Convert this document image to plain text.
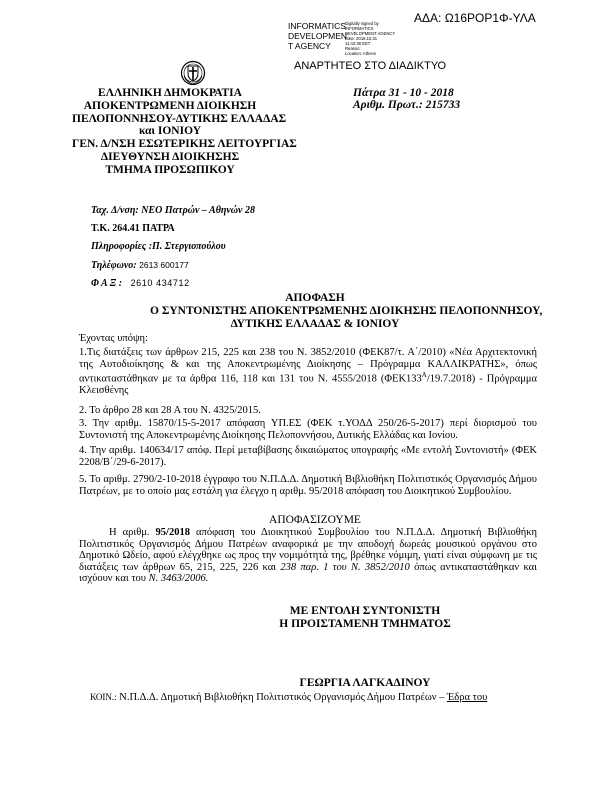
ΑΔΑ: Ω16ΡΟΡ1Φ-ΥΛΑ
INFORMATICS
DEVELOPMEN
T AGENCY
Digitally signed by
INFORMATICS
DEVELOPMENT AGENCY
Date: 2018.10.31
11:42:38 EET
Reason:
Location: Athens
ΑΝΑΡΤΗΤΕΟ ΣΤΟ ΔΙΑΔΙΚΤΥΟ
ΕΛΛΗΝΙΚΗ ΔΗΜΟΚΡΑΤΙΑ
ΑΠΟΚΕΝΤΡΩΜΕΝΗ ΔΙΟΙΚΗΣΗ
ΠΕΛΟΠΟΝΝΗΣΟΥ-ΔΥΤΙΚΗΣ ΕΛΛΑΔΑΣ
και ΙΟΝΙΟΥ
ΓΕΝ. Δ/ΝΣΗ ΕΣΩΤΕΡΙΚΗΣ ΛΕΙΤΟΥΡΓΙΑΣ
ΔΙΕΥΘΥΝΣΗ ΔΙΟΙΚΗΣΗΣ
ΤΜΗΜΑ ΠΡΟΣΩΠΙΚΟΥ
Πάτρα 31 - 10 - 2018
Αριθμ. Πρωτ.: 215733
Ταχ. Δ/νση: ΝΕΟ Πατρών – Αθηνών 28
Τ.Κ. 264.41 ΠΑΤΡΑ
Πληροφορίες :Π. Στεργιοπούλου
Τηλέφωνο: 2613 600177
Φ Α Ξ : 2610 434712
ΑΠΟΦΑΣΗ
Ο ΣΥΝΤΟΝΙΣΤΗΣ ΑΠΟΚΕΝΤΡΩΜΕΝΗΣ ΔΙΟΙΚΗΣΗΣ ΠΕΛΟΠΟΝΝΗΣΟΥ,
ΔΥΤΙΚΗΣ ΕΛΛΑΔΑΣ & ΙΟΝΙΟΥ
Έχοντας υπόψη:
1.Τις διατάξεις των άρθρων 215, 225 και 238 του Ν. 3852/2010 (ΦΕΚ87/τ. Α΄/2010) «Νέα Αρχιτεκτονική της Αυτοδιοίκησης & και της Αποκεντρωμένης Διοίκησης – Πρόγραμμα ΚΑΛΛΙΚΡΑΤΗΣ», όπως αντικαταστάθηκαν με τα άρθρα 116, 118 και 131 του Ν. 4555/2018 $(\Phi EK133^A/19.7.2018)$ - Πρόγραμμα Κλεισθένης
2. Το άρθρο 28 και 28 Α του Ν. 4325/2015.
3. Την αριθμ. 15870/15-5-2017 απόφαση ΥΠ.ΕΣ (ΦΕΚ τ.ΥΟΔΔ 250/26-5-2017) περί διορισμού του Συντονιστή της Αποκεντρωμένης Διοίκησης Πελοποννήσου, Δυτικής Ελλάδας και Ιονίου.
4. Την αριθμ. 140634/17 απόφ. Περί μεταβίβασης δικαιώματος υπογραφής «Με εντολή Συντονιστή» (ΦΕΚ 2208/Β΄/29-6-2017).
5. Το αριθμ. 2790/2-10-2018 έγγραφο του Ν.Π.Δ.Δ. Δημοτική Βιβλιοθήκη Πολιτιστικός Οργανισμός Δήμου Πατρέων, με το οποίο μας εστάλη για έλεγχο η αριθμ. 95/2018 απόφαση του Διοικητικού Συμβουλίου.
ΑΠΟΦΑΣΙΖΟΥΜΕ
Η αριθμ. 95/2018 απόφαση του Διοικητικού Συμβουλίου του Ν.Π.Δ.Δ. Δημοτική Βιβλιοθήκη Πολιτιστικός Οργανισμός Δήμου Πατρέων αναφορικά με την αποδοχή δωρεάς μουσικού οργάνου στο Δημοτικό Ωδείο, αφού ελέγχθηκε ως προς την νομιμότητά της, βρέθηκε νόμιμη, γιατί είναι σύμφωνη με τις διατάξεις των άρθρων 65, 215, 225, 226 και 238 παρ. 1 του Ν. 3852/2010 όπως αντικαταστάθηκαν και ισχύουν και του Ν. 3463/2006.
ΜΕ ΕΝΤΟΛΗ ΣΥΝΤΟΝΙΣΤΗ
Η ΠΡΟΙΣΤΑΜΕΝΗ ΤΜΗΜΑΤΟΣ
ΓΕΩΡΓΙΑ ΛΑΓΚΑΔΙΝΟΥ
ΚΟΙΝ.: Ν.Π.Δ.Δ. Δημοτική Βιβλιοθήκη Πολιτιστικός Οργανισμός Δήμου Πατρέων – Έδρα του
